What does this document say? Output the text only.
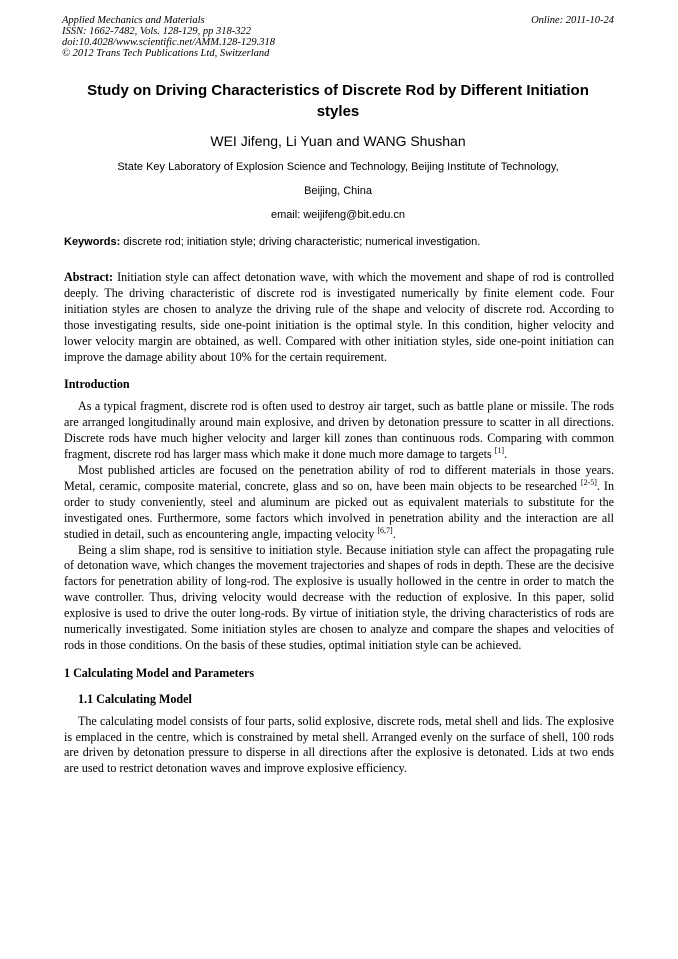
Applied Mechanics and Materials
ISSN: 1662-7482, Vols. 128-129, pp 318-322
doi:10.4028/www.scientific.net/AMM.128-129.318
© 2012 Trans Tech Publications Ltd, Switzerland
Online: 2011-10-24
Study on Driving Characteristics of Discrete Rod by Different Initiation
styles
WEI Jifeng, Li Yuan and WANG Shushan
State Key Laboratory of Explosion Science and Technology, Beijing Institute of Technology,
Beijing, China
email: weijifeng@bit.edu.cn
Keywords: discrete rod; initiation style; driving characteristic; numerical investigation.

Abstract: Initiation style can affect detonation wave, with which the movement and shape of rod is controlled deeply. The driving characteristic of discrete rod is investigated numerically by finite element code. Four initiation styles are chosen to analyze the driving rule of the shape and velocity of discrete rod. According to those investigating results, side one-point initiation is the optimal style. In this condition, higher velocity and lower velocity margin are obtained, as well. Compared with other initiation styles, side one-point initiation can improve the damage ability about 10% for the certain requirement.

Introduction

As a typical fragment, discrete rod is often used to destroy air target, such as battle plane or missile. The rods are arranged longitudinally around main explosive, and driven by detonation pressure to scatter in all directions. Discrete rods have much higher velocity and larger kill zones than continuous rods. Comparing with common fragment, discrete rod has larger mass which make it done much more damage to targets [1].

Most published articles are focused on the penetration ability of rod to different materials in those years. Metal, ceramic, composite material, concrete, glass and so on, have been main objects to be researched [2-5]. In order to study conveniently, steel and aluminum are picked out as equivalent materials to substitute for the investigated ones. Furthermore, some factors which involved in penetration ability and the interaction are all studied in detail, such as encountering angle, impacting velocity [6,7].

Being a slim shape, rod is sensitive to initiation style. Because initiation style can affect the propagating rule of detonation wave, which changes the movement trajectories and shapes of rods in depth. These are the decisive factors for penetration ability of long-rod. The explosive is usually hollowed in the centre in order to match the wave controller. Thus, driving velocity would decrease with the reduction of explosive. In this paper, solid explosive is used to drive the outer long-rods. By virtue of initiation style, the driving characteristics of rods are numerically investigated. Some initiation styles are chosen to analyze and compare the shapes and velocities of rods in those conditions. On the basis of these studies, optimal initiation style can be achieved.

1 Calculating Model and Parameters

1.1 Calculating Model

The calculating model consists of four parts, solid explosive, discrete rods, metal shell and lids. The explosive is emplaced in the centre, which is constrained by metal shell. Arranged evenly on the surface of shell, 100 rods are driven by detonation pressure to disperse in all directions after the explosive is detonated. Lids at two ends are used to restrict detonation waves and improve explosive efficiency.
